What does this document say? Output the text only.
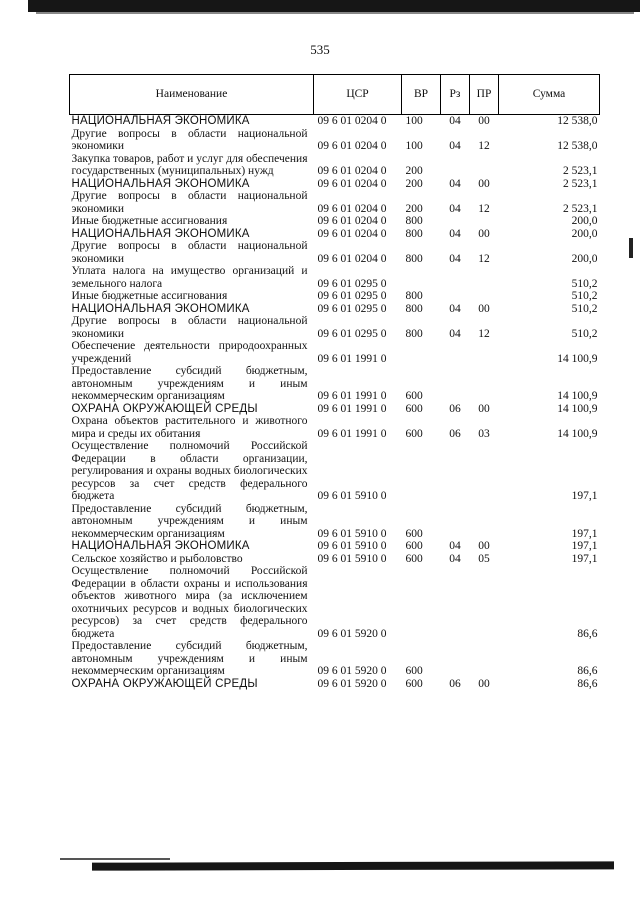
535
Наименование	ЦСР	ВР	Рз	ПР	Сумма
НАЦИОНАЛЬНАЯ ЭКОНОМИКА	09 6 01 0204 0	100	04	00	12 538,0
Другие вопросы в области национальной экономики	09 6 01 0204 0	100	04	12	12 538,0
Закупка товаров, работ и услуг для обеспечения государственных (муниципальных) нужд	09 6 01 0204 0	200			2 523,1
НАЦИОНАЛЬНАЯ ЭКОНОМИКА	09 6 01 0204 0	200	04	00	2 523,1
Другие вопросы в области национальной экономики	09 6 01 0204 0	200	04	12	2 523,1
Иные бюджетные ассигнования	09 6 01 0204 0	800			200,0
НАЦИОНАЛЬНАЯ ЭКОНОМИКА	09 6 01 0204 0	800	04	00	200,0
Другие вопросы в области национальной экономики	09 6 01 0204 0	800	04	12	200,0
Уплата налога на имущество организаций и земельного налога	09 6 01 0295 0				510,2
Иные бюджетные ассигнования	09 6 01 0295 0	800			510,2
НАЦИОНАЛЬНАЯ ЭКОНОМИКА	09 6 01 0295 0	800	04	00	510,2
Другие вопросы в области национальной экономики	09 6 01 0295 0	800	04	12	510,2
Обеспечение деятельности природоохранных учреждений	09 6 01 1991 0				14 100,9
Предоставление субсидий бюджетным, автономным учреждениям и иным некоммерческим организациям	09 6 01 1991 0	600			14 100,9
ОХРАНА ОКРУЖАЮЩЕЙ СРЕДЫ	09 6 01 1991 0	600	06	00	14 100,9
Охрана объектов растительного и животного мира и среды их обитания	09 6 01 1991 0	600	06	03	14 100,9
Осуществление полномочий Российской Федерации в области организации, регулирования и охраны водных биологических ресурсов за счет средств федерального бюджета	09 6 01 5910 0				197,1
Предоставление субсидий бюджетным, автономным учреждениям и иным некоммерческим организациям	09 6 01 5910 0	600			197,1
НАЦИОНАЛЬНАЯ ЭКОНОМИКА	09 6 01 5910 0	600	04	00	197,1
Сельское хозяйство и рыболовство	09 6 01 5910 0	600	04	05	197,1
Осуществление полномочий Российской Федерации в области охраны и использования объектов животного мира (за исключением охотничьих ресурсов и водных биологических ресурсов) за счет средств федерального бюджета	09 6 01 5920 0				86,6
Предоставление субсидий бюджетным, автономным учреждениям и иным некоммерческим организациям	09 6 01 5920 0	600			86,6
ОХРАНА ОКРУЖАЮЩЕЙ СРЕДЫ	09 6 01 5920 0	600	06	00	86,6
